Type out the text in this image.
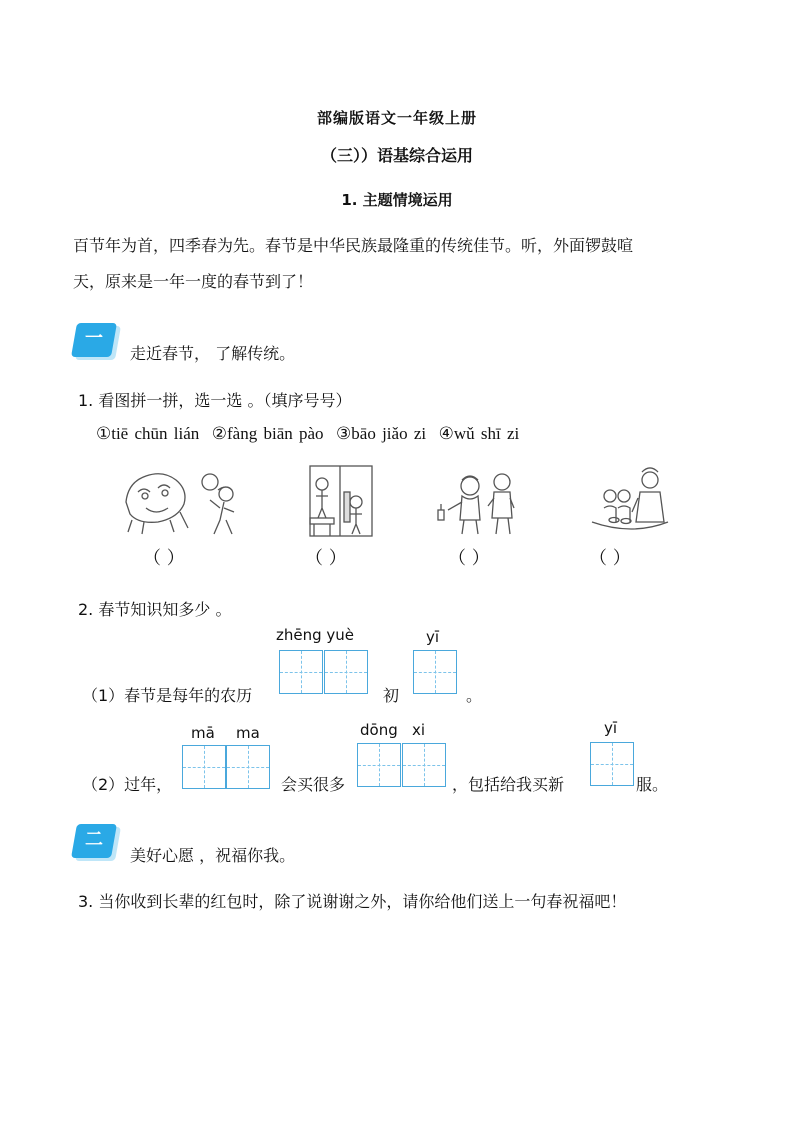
部编版语文一年级上册
（三））语基综合运用
1. 主题情境运用
百节年为首，四季春为先。春节是中华民族最隆重的传统佳节。听，外面锣鼓喧
天，原来是一年一度的春节到了！
一
走近春节， 了解传统。
1. 看图拼一拼，选一选 。（填序号号）
①tiē chūn lián ②fàng biān pào ③bāo jiǎo zi ④wǔ shī zi
（ ）	（ ）	（ ）	（ ）
2. 春节知识知多少 。
zhēng yuè
（1）春节是每年的农历	初
yī
。
mā ma
（2）过年，	会买很多
dōng   xi
，包括给我买新
yī
服。
二
美好心愿 ，祝福你我。
3. 当你收到长辈的红包时，除了说谢谢之外，请你给他们送上一句春祝福吧！
